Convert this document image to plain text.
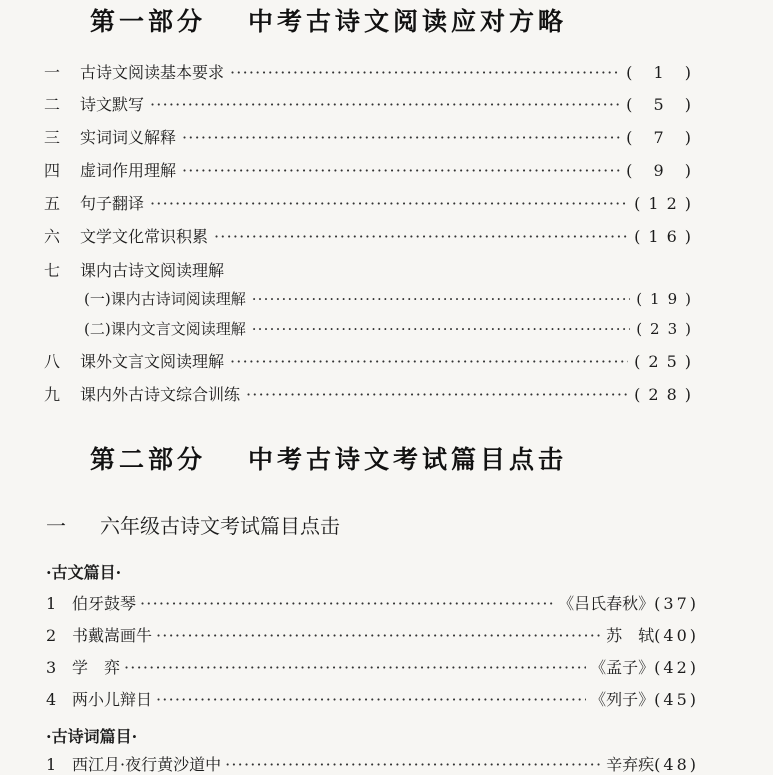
第一部分 中考古诗文阅读应对方略
一	古诗文阅读基本要求 ·····	( 1 )
二	诗文默写 ·····	( 5 )
三	实词词义解释 ·····	( 7 )
四	虚词作用理解 ·····	( 9 )
五	句子翻译 ·····	(12)
六	文学文化常识积累 ·····	(16)
七	课内古诗文阅读理解
(一)课内古诗词阅读理解 ·····	(19)
(二)课内文言文阅读理解 ·····	(23)
八	课外文言文阅读理解 ·····	(25)
九	课内外古诗文综合训练 ·····	(28)
第二部分 中考古诗文考试篇目点击
一 六年级古诗文考试篇目点击
·古文篇目·
1 伯牙鼓琴 ·····	《吕氏春秋》 (37)
2 书戴嵩画牛 ·····	苏　轼 (40)
3 学　弈 ·····	《孟子》 (42)
4 两小儿辩日 ·····	《列子》 (45)
·古诗词篇目·
1 西江月·夜行黄沙道中 ·····	辛弃疾 (48)
